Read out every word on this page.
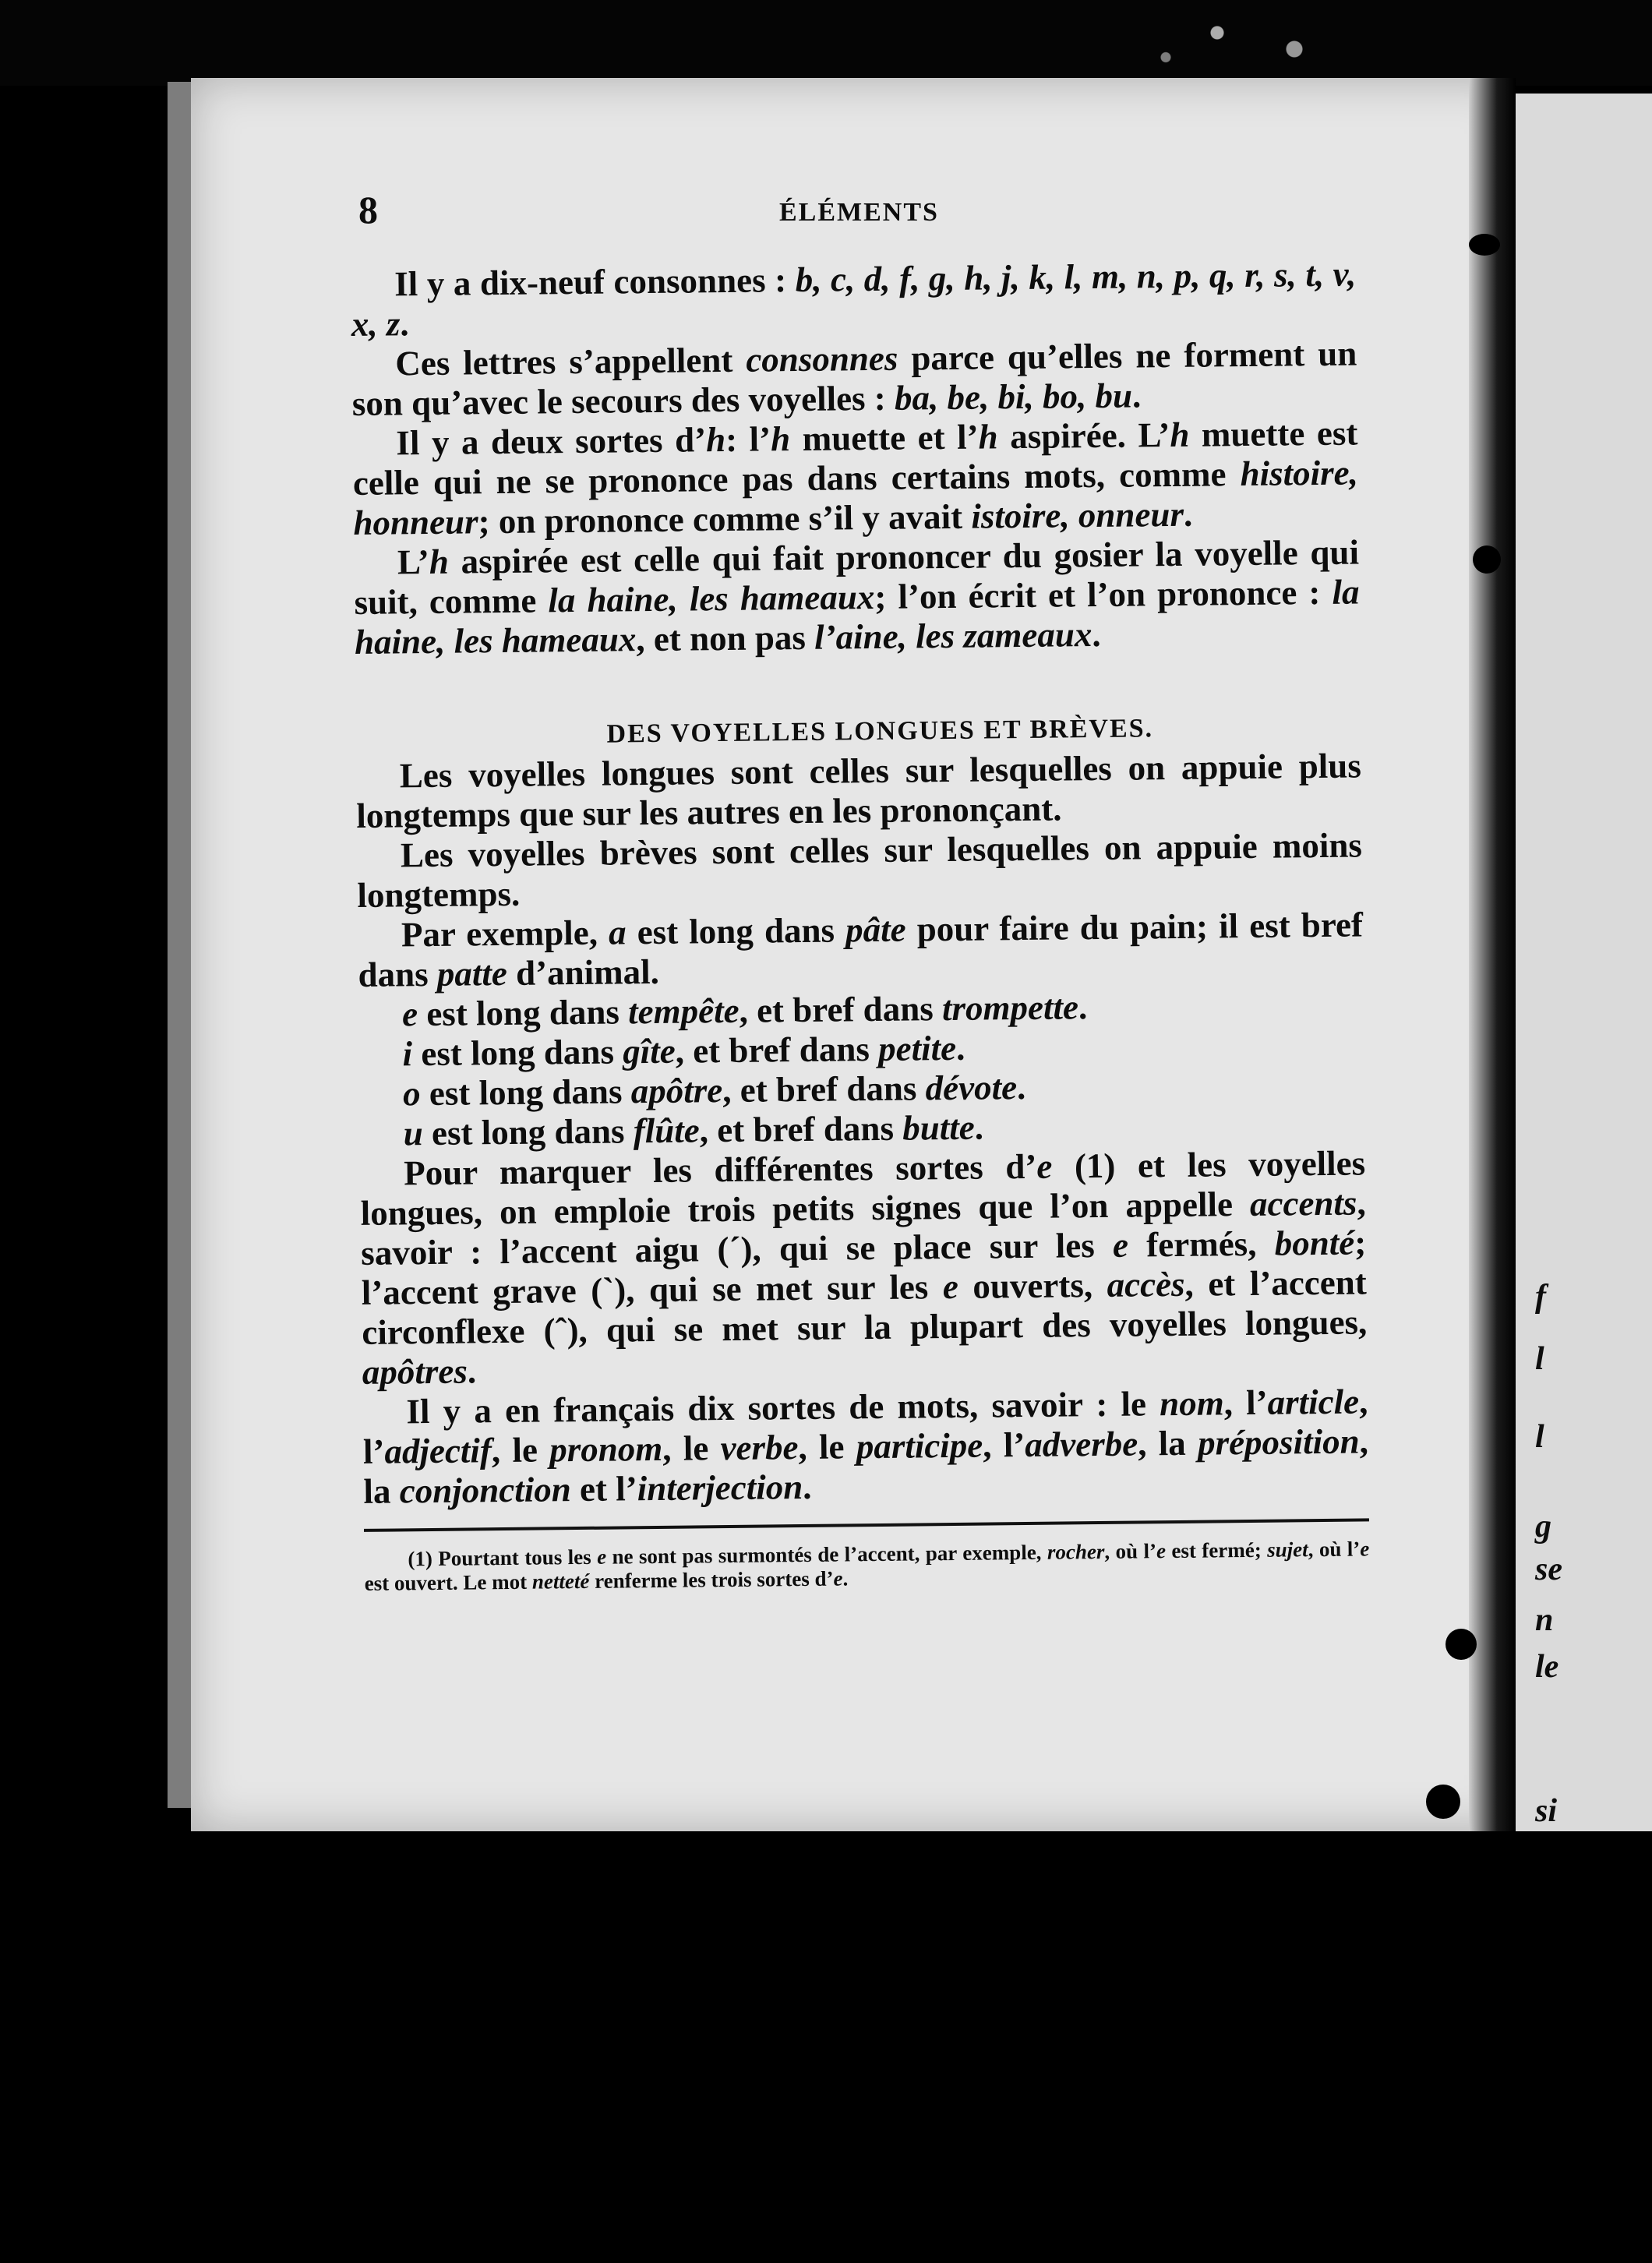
f
l
l
g
se
n
le
si
8	ÉLÉMENTS

Il y a dix-neuf consonnes : b, c, d, f, g, h, j, k, l, m, n, p, q, r, s, t, v, x, z.

Ces lettres s’appellent consonnes parce qu’elles ne forment un son qu’avec le secours des voyelles : ba, be, bi, bo, bu.

Il y a deux sortes d’h: l’h muette et l’h aspirée. L’h muette est celle qui ne se prononce pas dans certains mots, comme histoire, honneur; on prononce comme s’il y avait istoire, onneur.

L’h aspirée est celle qui fait prononcer du gosier la voyelle qui suit, comme la haine, les hameaux; l’on écrit et l’on prononce : la haine, les hameaux, et non pas l’aine, les zameaux.

DES VOYELLES LONGUES ET BRÈVES.

Les voyelles longues sont celles sur lesquelles on appuie plus longtemps que sur les autres en les prononçant.

Les voyelles brèves sont celles sur lesquelles on appuie moins longtemps.

Par exemple, a est long dans pâte pour faire du pain; il est bref dans patte d’animal.

e est long dans tempête, et bref dans trompette.

i est long dans gîte, et bref dans petite.

o est long dans apôtre, et bref dans dévote.

u est long dans flûte, et bref dans butte.

Pour marquer les différentes sortes d’e (1) et les voyelles longues, on emploie trois petits signes que l’on appelle accents, savoir : l’accent aigu (´), qui se place sur les e fermés, bonté; l’accent grave (`), qui se met sur les e ouverts, accès, et l’accent circonflexe (ˆ), qui se met sur la plupart des voyelles longues, apôtres.

Il y a en français dix sortes de mots, savoir : le nom, l’article, l’adjectif, le pronom, le verbe, le participe, l’adverbe, la préposition, la conjonction et l’interjection.

(1) Pourtant tous les e ne sont pas surmontés de l’accent, par exemple, rocher, où l’e est fermé; sujet, où l’e est ouvert. Le mot netteté renferme les trois sortes d’e.
